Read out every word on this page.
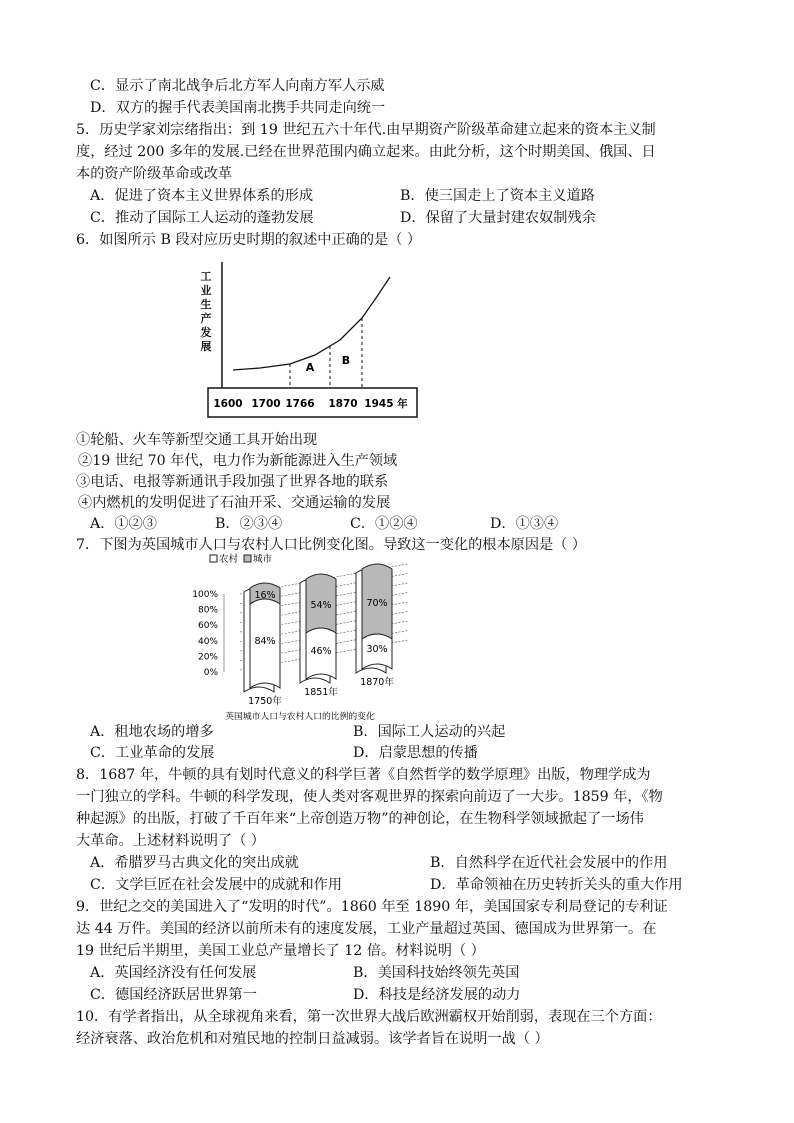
C．显示了南北战争后北方军人向南方军人示威
D．双方的握手代表美国南北携手共同走向统一
5．历史学家刘宗绪指出：到 19 世纪五六十年代.由早期资产阶级革命建立起来的资本主义制
度，经过 200 多年的发展.已经在世界范围内确立起来。由此分析，这个时期美国、俄国、日
本的资产阶级革命或改革
A．促进了资本主义世界体系的形成	B．使三国走上了资本主义道路
C．推动了国际工人运动的蓬勃发展	D．保留了大量封建农奴制残余
6．如图所示 B 段对应历史时期的叙述中正确的是（ ）
工
业
生
产
发
展
A
B
1600 1700 1766 1870 1945 年
①轮船、火车等新型交通工具开始出现
②19 世纪 70 年代，电力作为新能源进入生产领域
③电话、电报等新通讯手段加强了世界各地的联系
④内燃机的发明促进了石油开采、交通运输的发展
A．①②③	B．②③④	C．①②④	D．①③④
7．下图为英国城市人口与农村人口比例变化图。导致这一变化的根本原因是（ ）
农村 城市
100%
80%
60%
40%
20%
0%
16%
84%
54%
46%
70%
30%
1750年
1851年
1870年
英国城市人口与农村人口的比例的变化
A．租地农场的增多	B．国际工人运动的兴起
C．工业革命的发展	D．启蒙思想的传播
8．1687 年，牛顿的具有划时代意义的科学巨著《自然哲学的数学原理》出版，物理学成为
一门独立的学科。牛顿的科学发现，使人类对客观世界的探索向前迈了一大步。1859 年，《物
种起源》的出版，打破了千百年来“上帝创造万物”的神创论，在生物科学领域掀起了一场伟
大革命。上述材料说明了（ ）
A．希腊罗马古典文化的突出成就	B．自然科学在近代社会发展中的作用
C．文学巨匠在社会发展中的成就和作用	D．革命领袖在历史转折关头的重大作用
9．世纪之交的美国进入了“发明的时代”。1860 年至 1890 年，美国国家专利局登记的专利证
达 44 万件。美国的经济以前所未有的速度发展，工业产量超过英国、德国成为世界第一。在
19 世纪后半期里，美国工业总产量增长了 12 倍。材料说明（ ）
A．英国经济没有任何发展	B．美国科技始终领先英国
C．德国经济跃居世界第一	D．科技是经济发展的动力
10．有学者指出，从全球视角来看，第一次世界大战后欧洲霸权开始削弱，表现在三个方面：
经济衰落、政治危机和对殖民地的控制日益减弱。该学者旨在说明一战（ ）
